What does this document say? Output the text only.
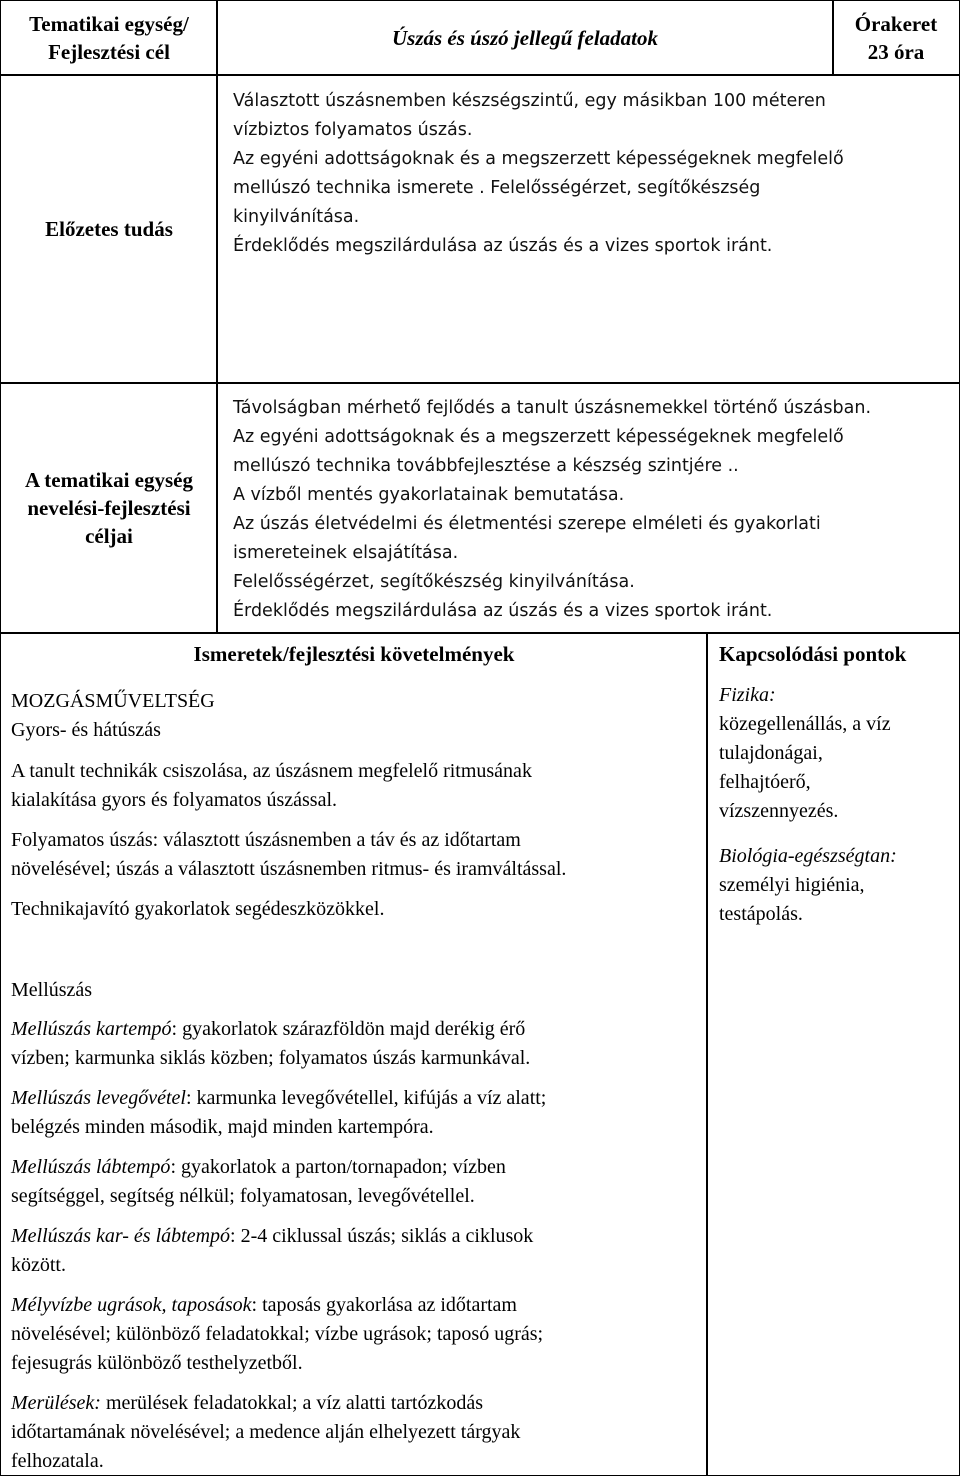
Tematikai egység/
Fejlesztési cél
Úszás és úszó jellegű feladatok
Órakeret
23 óra
Előzetes tudás
Választott úszásnemben készségszintű, egy másikban 100 méteren
vízbiztos folyamatos úszás.
Az egyéni adottságoknak és a megszerzett képességeknek megfelelő
mellúszó technika ismerete . Felelősségérzet, segítőkészség
kinyilvánítása.
Érdeklődés megszilárdulása az úszás és a vizes sportok iránt.
A tematikai egység
nevelési-fejlesztési
céljai
Távolságban mérhető fejlődés a tanult úszásnemekkel történő úszásban.
Az egyéni adottságoknak és a megszerzett képességeknek megfelelő
mellúszó technika továbbfejlesztése a készség szintjére ..
A vízből mentés gyakorlatainak bemutatása.
Az úszás életvédelmi és életmentési szerepe elméleti és gyakorlati
ismereteinek elsajátítása.
Felelősségérzet, segítőkészség kinyilvánítása.
Érdeklődés megszilárdulása az úszás és a vizes sportok iránt.
Ismeretek/fejlesztési követelmények
MOZGÁSMŰVELTSÉG
Gyors- és hátúszás
A tanult technikák csiszolása, az úszásnem megfelelő ritmusának
kialakítása gyors és folyamatos úszással.
Folyamatos úszás: választott úszásnemben a táv és az időtartam
növelésével; úszás a választott úszásnemben ritmus- és iramváltással.
Technikajavító gyakorlatok segédeszközökkel.
Mellúszás
Mellúszás kartempó: gyakorlatok szárazföldön majd derékig érő
vízben; karmunka siklás közben; folyamatos úszás karmunkával.
Mellúszás levegővétel: karmunka levegővétellel, kifújás a víz alatt;
belégzés minden második, majd minden kartempóra.
Mellúszás lábtempó: gyakorlatok a parton/tornapadon; vízben
segítséggel, segítség nélkül; folyamatosan, levegővétellel.
Mellúszás kar- és lábtempó: 2-4 ciklussal úszás; siklás a ciklusok
között.
Mélyvízbe ugrások, taposások: taposás gyakorlása az időtartam
növelésével; különböző feladatokkal; vízbe ugrások; taposó ugrás;
fejesugrás különböző testhelyzetből.
Merülések: merülések feladatokkal; a víz alatti tartózkodás
időtartamának növelésével; a medence alján elhelyezett tárgyak
felhozatala.
Kapcsolódási pontok
Fizika:
közegellenállás, a víz
tulajdonágai,
felhajtóerő,
vízszennyezés.
Biológia-egészségtan:
személyi higiénia,
testápolás.
